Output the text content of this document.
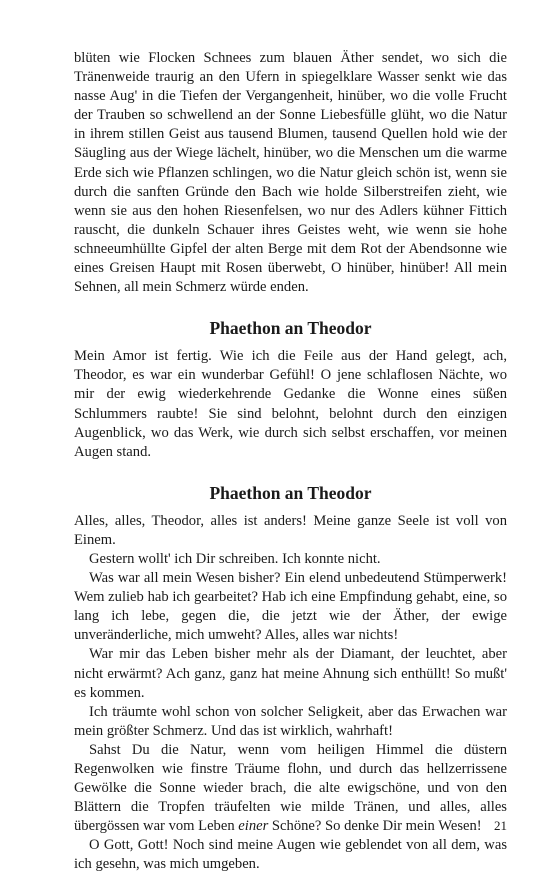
blüten wie Flocken Schnees zum blauen Äther sendet, wo sich die Tränenweide traurig an den Ufern in spiegelklare Wasser senkt wie das nasse Aug' in die Tiefen der Vergangenheit, hinüber, wo die volle Frucht der Trauben so schwellend an der Sonne Liebesfülle glüht, wo die Natur in ihrem stillen Geist aus tausend Blumen, tausend Quellen hold wie der Säugling aus der Wiege lächelt, hinüber, wo die Menschen um die warme Erde sich wie Pflanzen schlingen, wo die Natur gleich schön ist, wenn sie durch die sanften Gründe den Bach wie holde Silberstreifen zieht, wie wenn sie aus den hohen Riesenfelsen, wo nur des Adlers kühner Fittich rauscht, die dunkeln Schauer ihres Geistes weht, wie wenn sie hohe schneeumhüllte Gipfel der alten Berge mit dem Rot der Abendsonne wie eines Greisen Haupt mit Rosen überwebt, O hinüber, hinüber! All mein Sehnen, all mein Schmerz würde enden.

Phaethon an Theodor

Mein Amor ist fertig. Wie ich die Feile aus der Hand gelegt, ach, Theodor, es war ein wunderbar Gefühl! O jene schlaflosen Nächte, wo mir der ewig wiederkehrende Gedanke die Wonne eines süßen Schlummers raubte! Sie sind belohnt, belohnt durch den einzigen Augenblick, wo das Werk, wie durch sich selbst erschaffen, vor meinen Augen stand.

Phaethon an Theodor

Alles, alles, Theodor, alles ist anders! Meine ganze Seele ist voll von Einem.

Gestern wollt' ich Dir schreiben. Ich konnte nicht.

Was war all mein Wesen bisher? Ein elend unbedeutend Stümperwerk! Wem zulieb hab ich gearbeitet? Hab ich eine Empfindung gehabt, eine, so lang ich lebe, gegen die, die jetzt wie der Äther, der ewige unveränderliche, mich umweht? Alles, alles war nichts!

War mir das Leben bisher mehr als der Diamant, der leuchtet, aber nicht erwärmt? Ach ganz, ganz hat meine Ahnung sich enthüllt! So mußt' es kommen.

Ich träumte wohl schon von solcher Seligkeit, aber das Erwachen war mein größter Schmerz. Und das ist wirklich, wahrhaft!

Sahst Du die Natur, wenn vom heiligen Himmel die düstern Regenwolken wie finstre Träume flohn, und durch das hellzerrissene Gewölke die Sonne wieder brach, die alte ewigschöne, und von den Blättern die Tropfen träufelten wie milde Tränen, und alles, alles übergössen war vom Leben einer Schöne? So denke Dir mein Wesen!

O Gott, Gott! Noch sind meine Augen wie geblendet von all dem, was ich gesehn, was mich umgeben.

21
